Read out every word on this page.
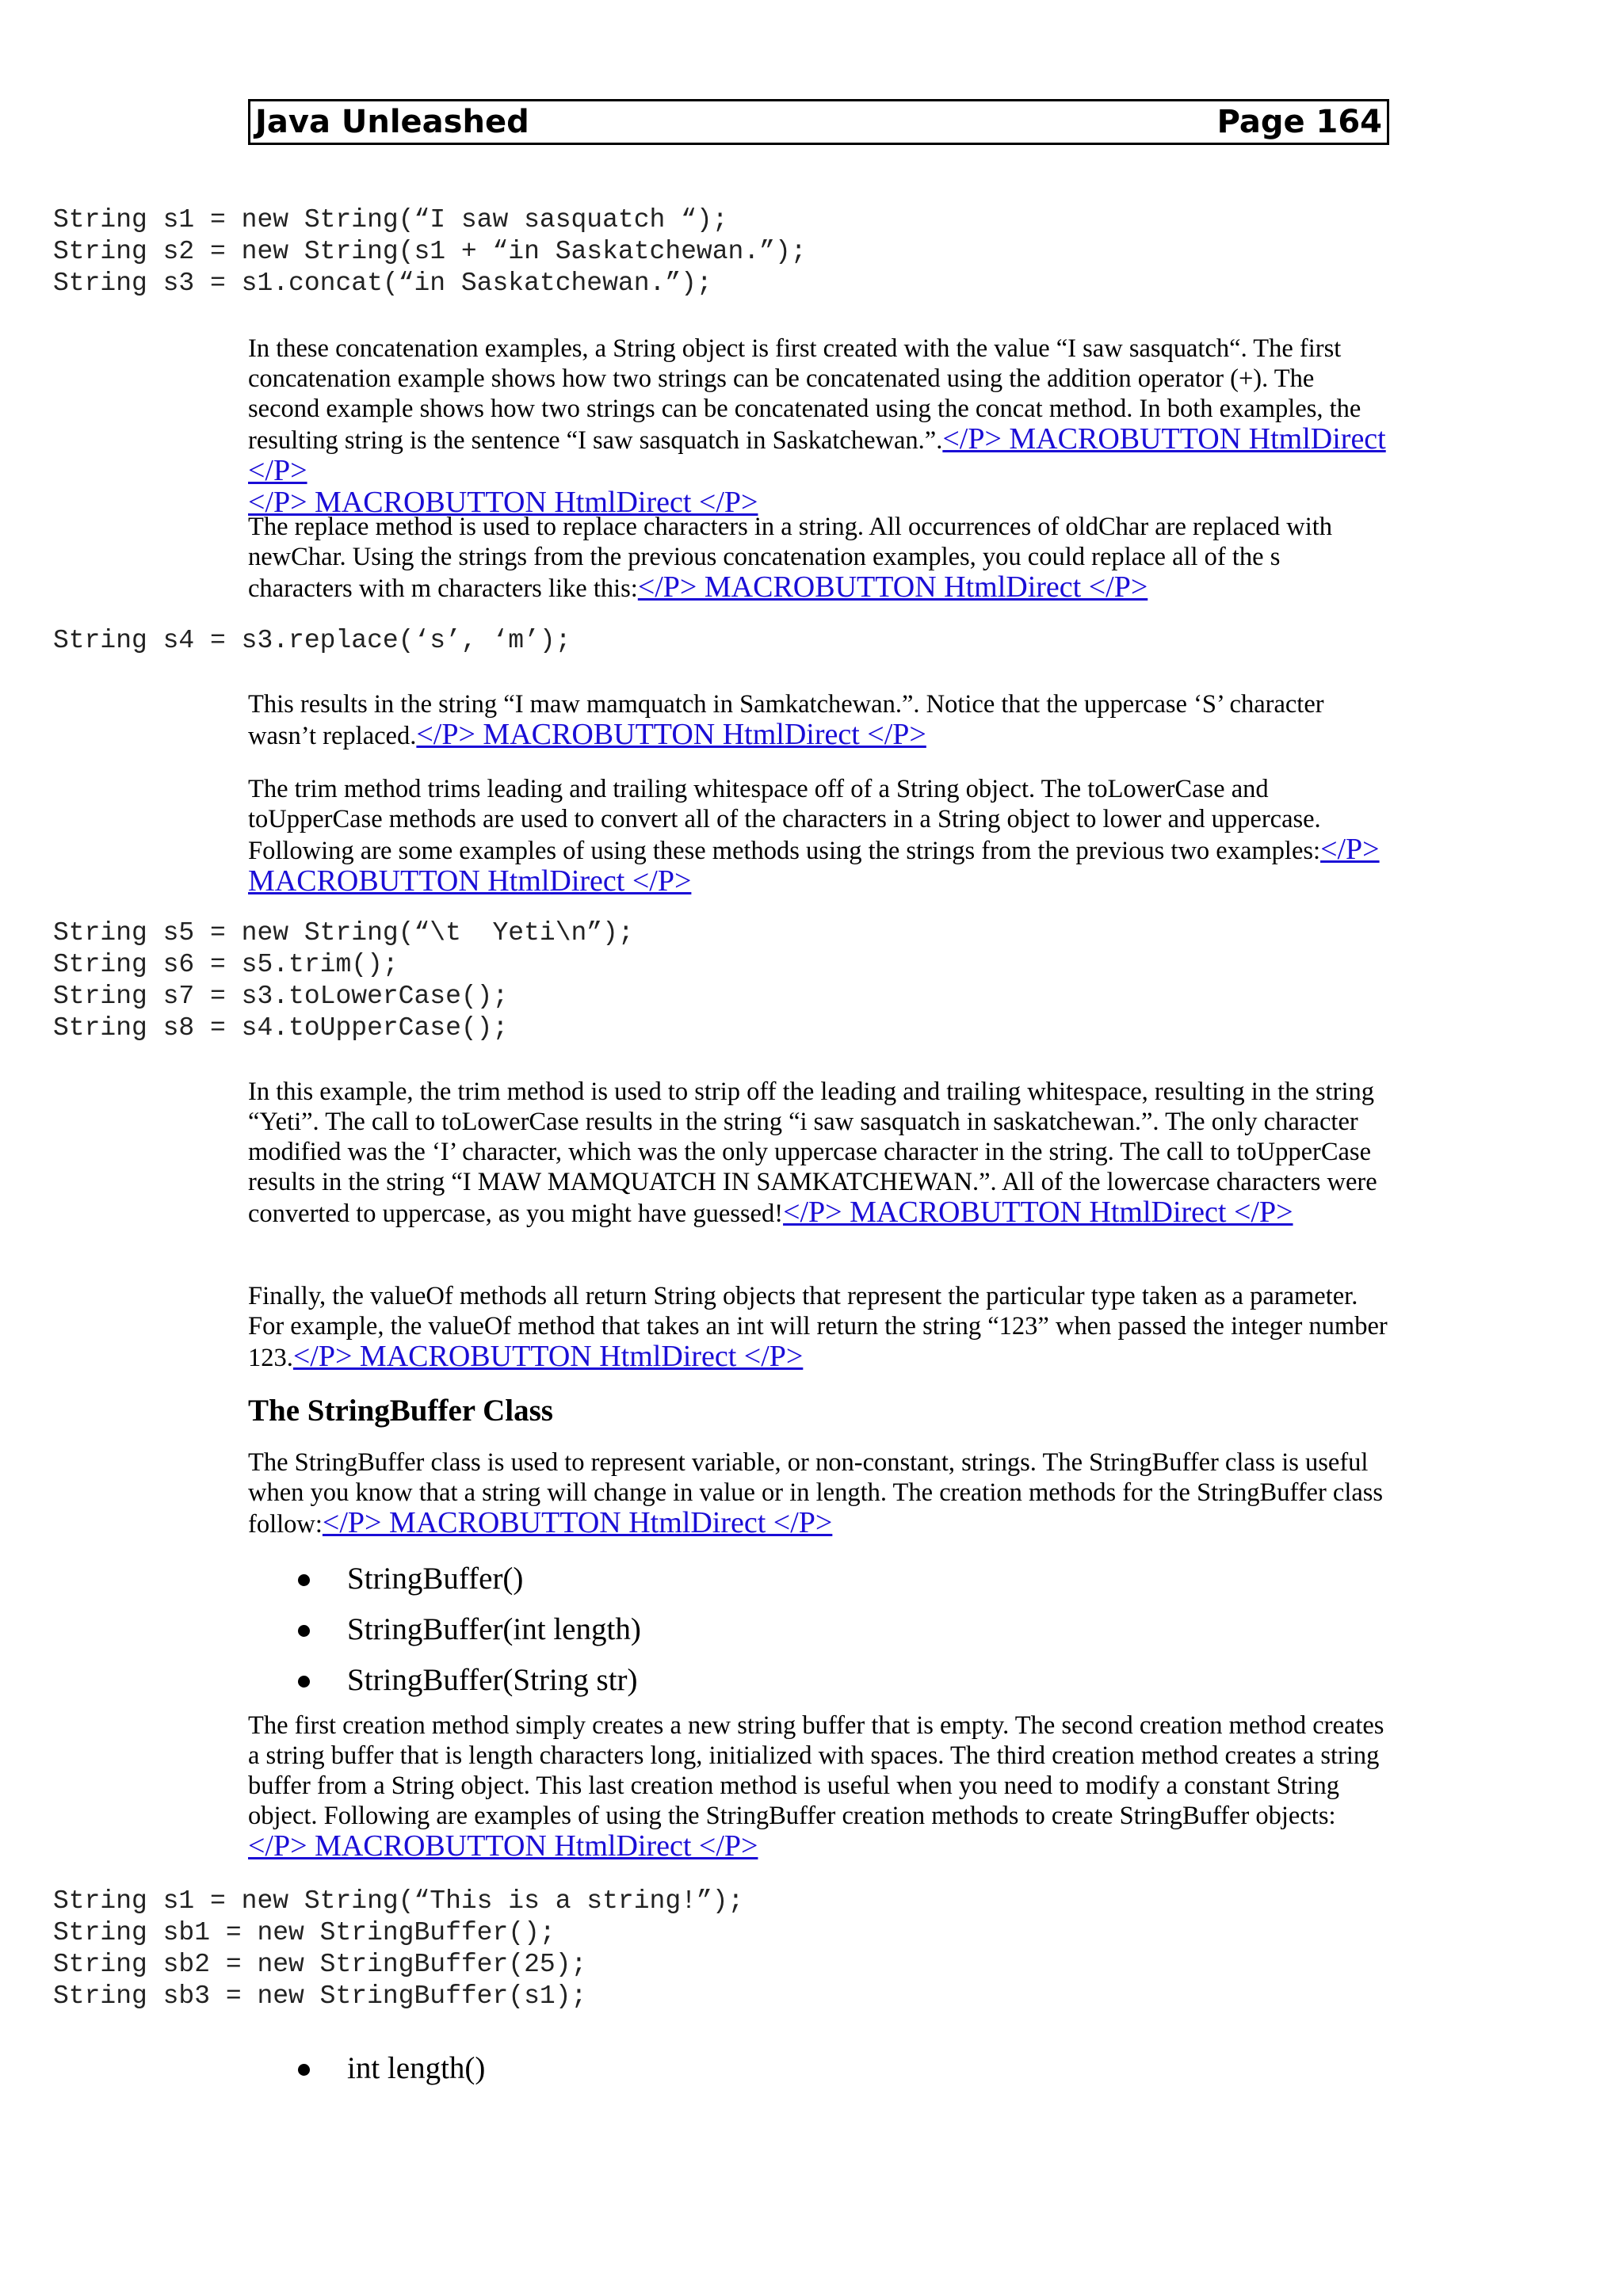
Java Unleashed	Page 164
String s1 = new String(“I saw sasquatch “);
String s2 = new String(s1 + “in Saskatchewan.”);
String s3 = s1.concat(“in Saskatchewan.”);

In these concatenation examples, a String object is first created with the value “I saw sasquatch“. The first concatenation example shows how two strings can be concatenated using the addition operator (+). The second example shows how two strings can be concatenated using the concat method. In both examples, the resulting string is the sentence “I saw sasquatch in Saskatchewan.”.</P> MACROBUTTON HtmlDirect </P>
</P> MACROBUTTON HtmlDirect </P>

The replace method is used to replace characters in a string. All occurrences of oldChar are replaced with newChar. Using the strings from the previous concatenation examples, you could replace all of the s characters with m characters like this:</P> MACROBUTTON HtmlDirect </P>

String s4 = s3.replace(‘s’, ‘m’);

This results in the string “I maw mamquatch in Samkatchewan.”. Notice that the uppercase ‘S’ character wasn’t replaced.</P> MACROBUTTON HtmlDirect </P>

The trim method trims leading and trailing whitespace off of a String object. The toLowerCase and toUpperCase methods are used to convert all of the characters in a String object to lower and uppercase. Following are some examples of using these methods using the strings from the previous two examples:</P> MACROBUTTON HtmlDirect </P>

String s5 = new String(“\t  Yeti\n”);
String s6 = s5.trim();
String s7 = s3.toLowerCase();
String s8 = s4.toUpperCase();

In this example, the trim method is used to strip off the leading and trailing whitespace, resulting in the string “Yeti”. The call to toLowerCase results in the string “i saw sasquatch in saskatchewan.”. The only character modified was the ‘I’ character, which was the only uppercase character in the string. The call to toUpperCase results in the string “I MAW MAMQUATCH IN SAMKATCHEWAN.”. All of the lowercase characters were converted to uppercase, as you might have guessed!</P> MACROBUTTON HtmlDirect </P>

Finally, the valueOf methods all return String objects that represent the particular type taken as a parameter. For example, the valueOf method that takes an int will return the string “123” when passed the integer number 123.</P> MACROBUTTON HtmlDirect </P>

The StringBuffer Class

The StringBuffer class is used to represent variable, or non-constant, strings. The StringBuffer class is useful when you know that a string will change in value or in length. The creation methods for the StringBuffer class follow:</P> MACROBUTTON HtmlDirect </P>

StringBuffer()
StringBuffer(int length)
StringBuffer(String str)

The first creation method simply creates a new string buffer that is empty. The second creation method creates a string buffer that is length characters long, initialized with spaces. The third creation method creates a string buffer from a String object. This last creation method is useful when you need to modify a constant String object. Following are examples of using the StringBuffer creation methods to create StringBuffer objects:</P> MACROBUTTON HtmlDirect </P>

String s1 = new String(“This is a string!”);
String sb1 = new StringBuffer();
String sb2 = new StringBuffer(25);
String sb3 = new StringBuffer(s1);
int length()
